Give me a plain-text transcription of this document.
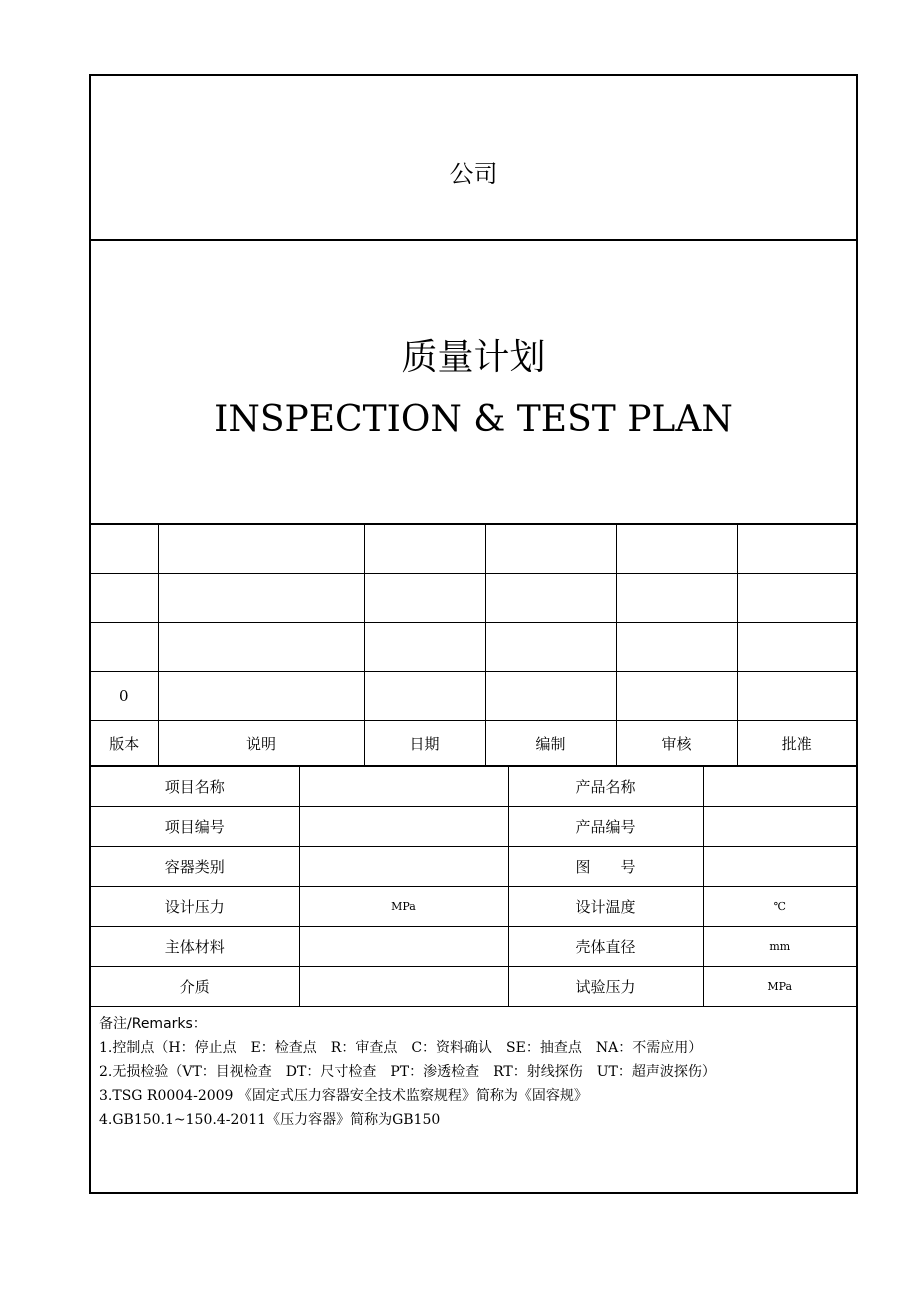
公司
质量计划
INSPECTION & TEST PLAN

0					
版本	说明	日期	编制	审核	批准
项目名称		产品名称	
项目编号		产品编号	
容器类别		图　　号	
设计压力	MPa	设计温度	℃
主体材料		壳体直径	mm
介质		试验压力	MPa
备注/Remarks：
1.控制点（H：停止点　E：检查点　R：审查点　C：资料确认　SE：抽查点　NA：不需应用）
2.无损检验（VT：目视检查　DT：尺寸检查　PT：渗透检查　RT：射线探伤　UT：超声波探伤）
3.TSG R0004-2009 《固定式压力容器安全技术监察规程》简称为《固容规》
4.GB150.1~150.4-2011《压力容器》简称为GB150
